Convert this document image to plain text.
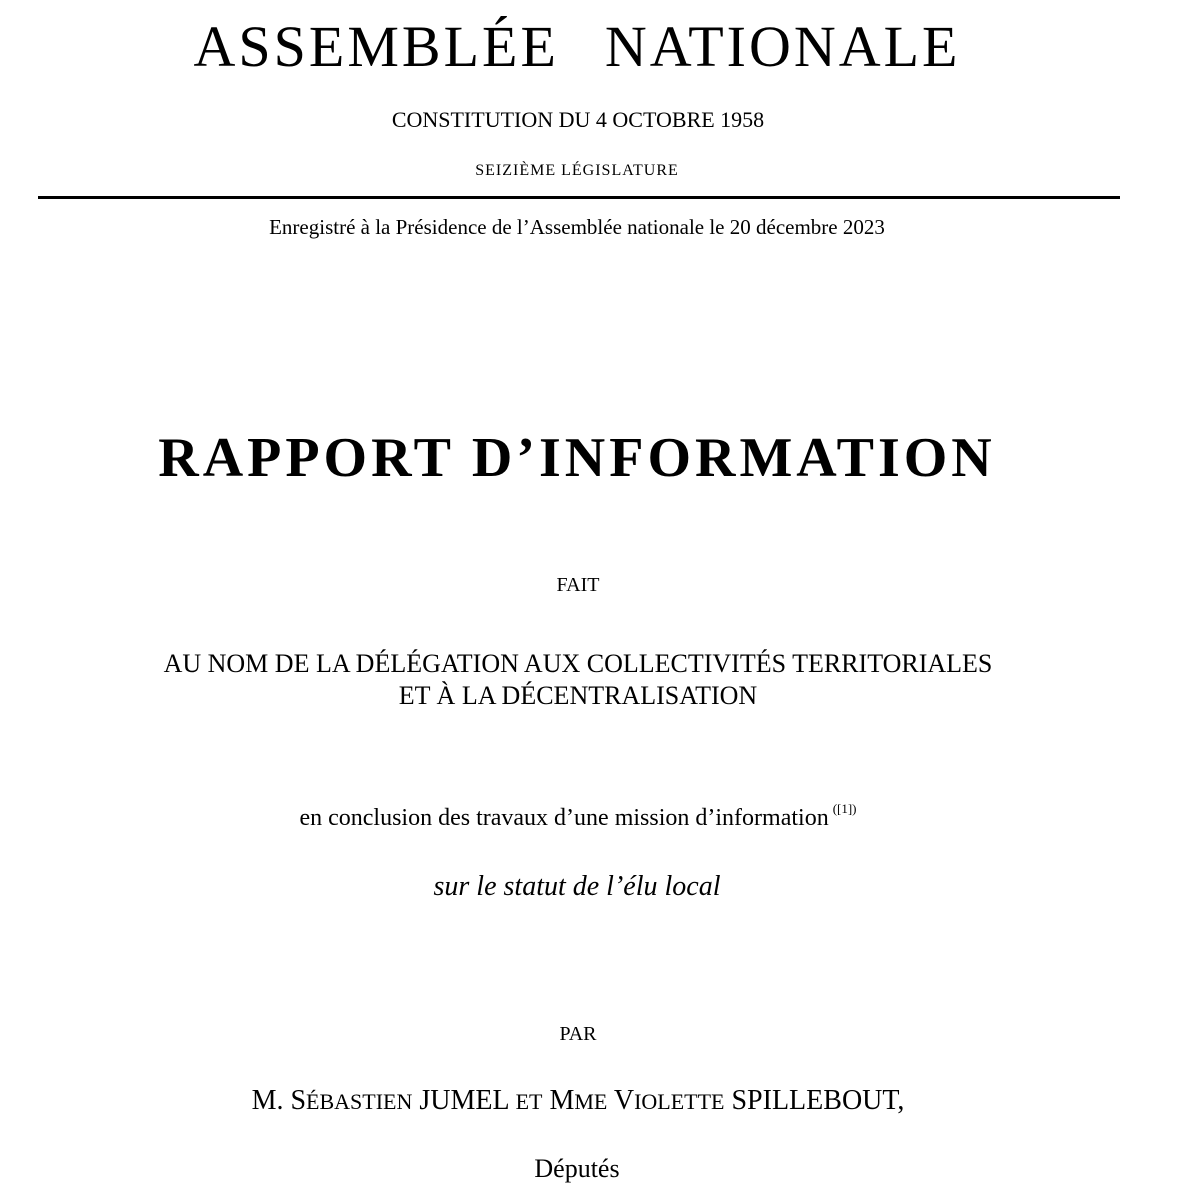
ASSEMBLÉE NATIONALE
CONSTITUTION DU 4 OCTOBRE 1958
SEIZIÈME LÉGISLATURE
Enregistré à la Présidence de l’Assemblée nationale le 20 décembre 2023
RAPPORT D’INFORMATION
FAIT
AU NOM DE LA DÉLÉGATION AUX COLLECTIVITÉS TERRITORIALES
ET À LA DÉCENTRALISATION
en conclusion des travaux d’une mission d’information $^{([1])}$
sur le statut de l’élu local
PAR
M. SÉBASTIEN JUMEL ET MME VIOLETTE SPILLEBOUT,
Députés
